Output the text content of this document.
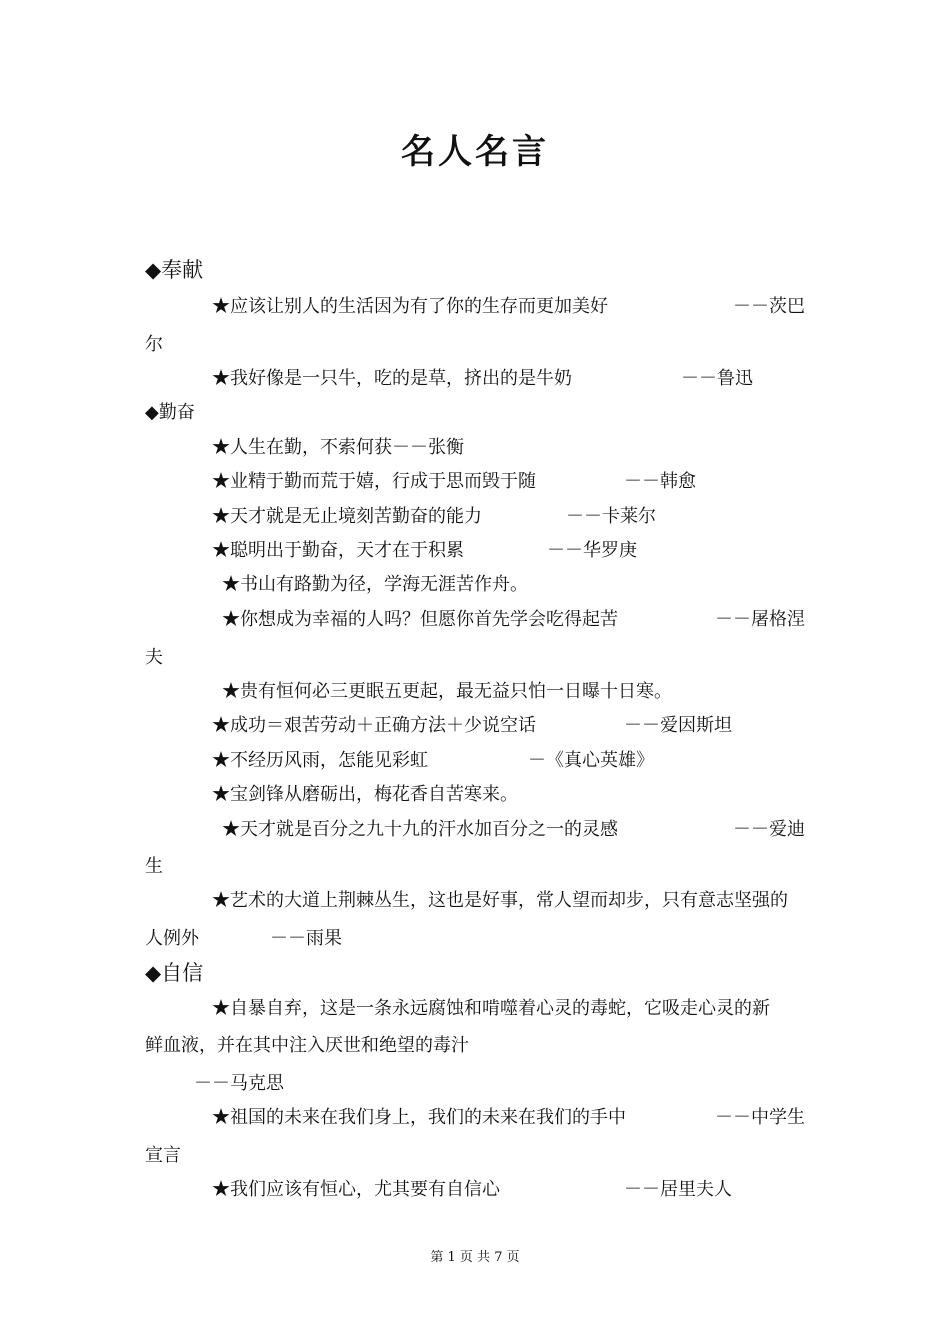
名人名言
◆奉献
★应该让别人的生活因为有了你的生存而更加美好	－－茨巴
尔
★我好像是一只牛，吃的是草，挤出的是牛奶	－－鲁迅
◆勤奋
★人生在勤，不索何获－－张衡
★业精于勤而荒于嬉，行成于思而毁于随	－－韩愈
★天才就是无止境刻苦勤奋的能力	－－卡莱尔
★聪明出于勤奋，天才在于积累	－－华罗庚
★书山有路勤为径，学海无涯苦作舟。
★你想成为幸福的人吗？但愿你首先学会吃得起苦	－－屠格涅
夫
★贵有恒何必三更眠五更起，最无益只怕一日曝十日寒。
★成功＝艰苦劳动＋正确方法＋少说空话	－－爱因斯坦
★不经历风雨，怎能见彩虹	－《真心英雄》
★宝剑锋从磨砺出，梅花香自苦寒来。
★天才就是百分之九十九的汗水加百分之一的灵感	－－爱迪
生
★艺术的大道上荆棘丛生，这也是好事，常人望而却步，只有意志坚强的
人例外	－－雨果
◆自信
★自暴自弃，这是一条永远腐蚀和啃噬着心灵的毒蛇，它吸走心灵的新
鲜血液，并在其中注入厌世和绝望的毒汁
－－马克思
★祖国的未来在我们身上，我们的未来在我们的手中	－－中学生
宣言
★我们应该有恒心，尤其要有自信心	－－居里夫人
第 1 页 共 7 页
